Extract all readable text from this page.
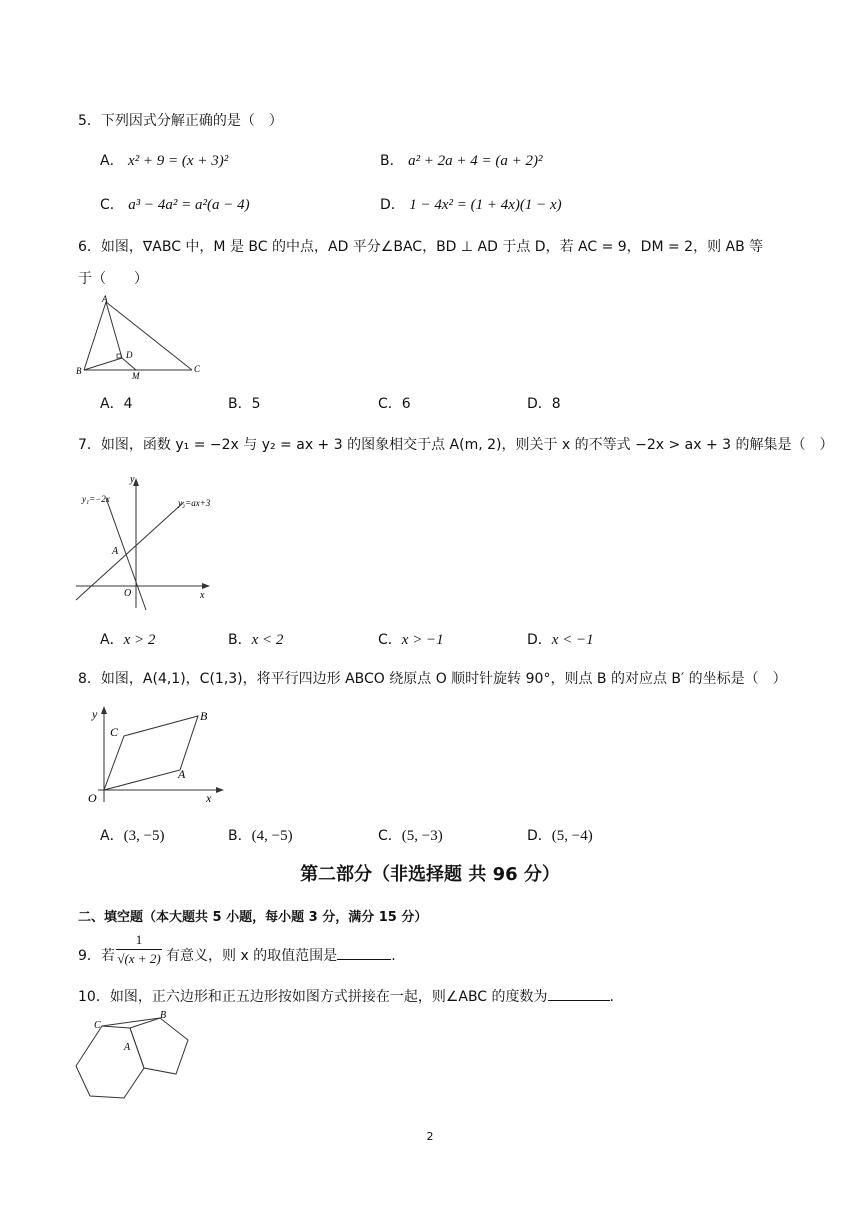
5．下列因式分解正确的是（　）
A． x² + 9 = (x + 3)²	B． a² + 2a + 4 = (a + 2)²
C． a³ − 4a² = a²(a − 4)	D． 1 − 4x² = (1 + 4x)(1 − x)
6．如图，∇ABC 中，M 是 BC 的中点，AD 平分∠BAC，BD ⊥ AD 于点 D，若 AC = 9，DM = 2，则 AB 等
于（　　）
A
B	C
D
M
A．4	B．5	C．6	D．8
7．如图，函数 y₁ = −2x 与 y₂ = ax + 3 的图象相交于点 A(m, 2)，则关于 x 的不等式 −2x > ax + 3 的解集是（　）
y
x
O
A
y₁=−2x	y₂=ax+3
A．x > 2	B．x < 2	C．x > −1	D．x < −1
8．如图，A(4,1)，C(1,3)，将平行四边形 ABCO 绕原点 O 顺时针旋转 90°，则点 B 的对应点 B′ 的坐标是（　）
y
x
O
A
B
C
A．(3, −5)	B．(4, −5)	C．(5, −3)	D．(5, −4)
第二部分（非选择题 共 96 分）
二、填空题（本大题共 5 小题，每小题 3 分，满分 15 分）
9．若
1
√(x + 2) 有意义，则 x 的取值范围是	.
10．如图，正六边形和正五边形按如图方式拼接在一起，则∠ABC 的度数为	.
C
B
A
2
